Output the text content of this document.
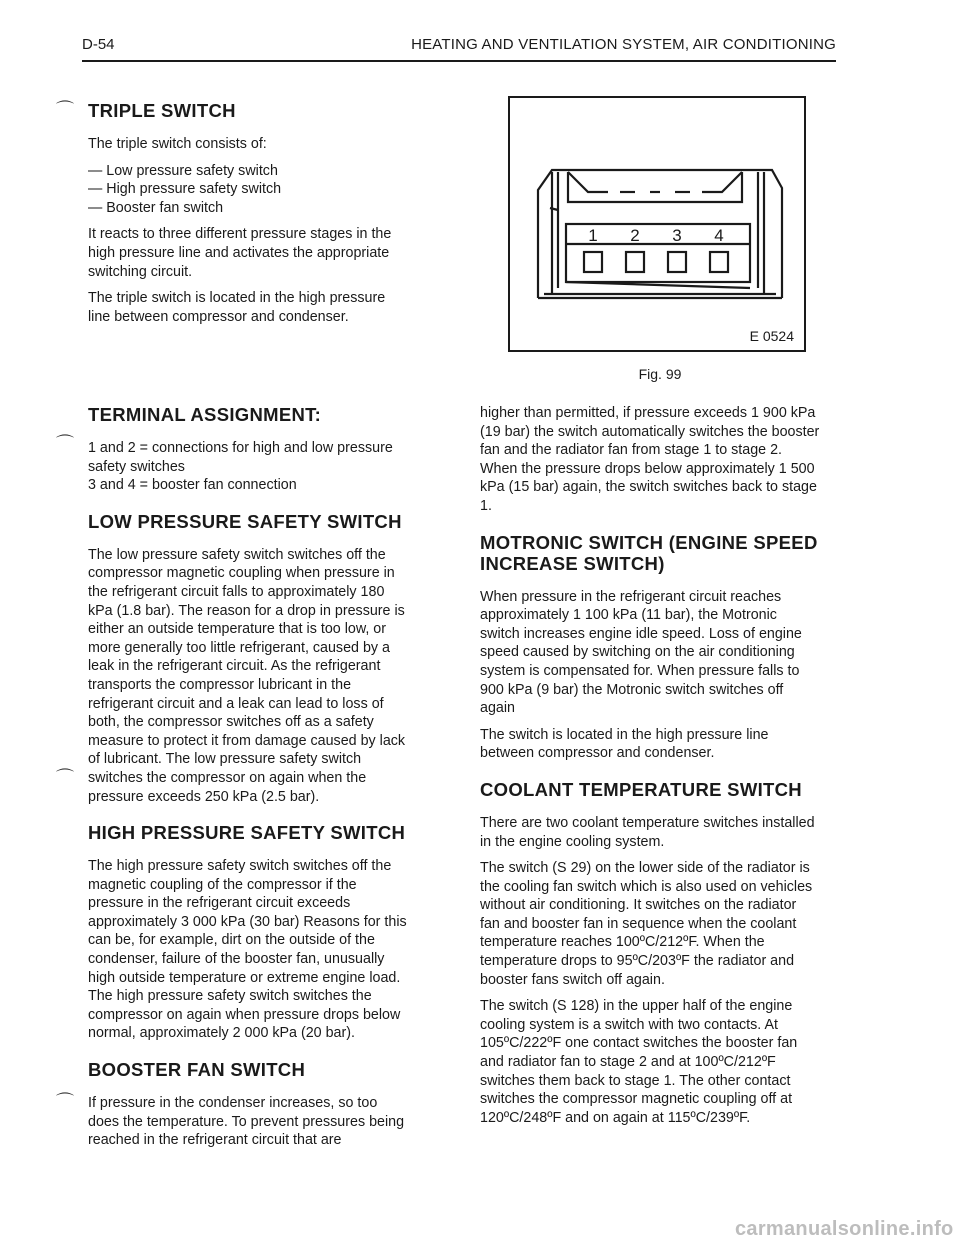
D-54	HEATING AND VENTILATION SYSTEM, AIR CONDITIONING
⌒
⌒
⌒
⌒
TRIPLE SWITCH

The triple switch consists of:

— Low pressure safety switch

— High pressure safety switch

— Booster fan switch

It reacts to three different pressure stages in the high pressure line and activates the appropriate switching circuit.

The triple switch is located in the high pressure line between compressor and condenser.

TERMINAL ASSIGNMENT:

1 and 2 = connections for high and low pressure safety switches

3 and 4 = booster fan connection

LOW PRESSURE SAFETY SWITCH

The low pressure safety switch switches off the compressor magnetic coupling when pressure in the refrigerant circuit falls to approximately 180 kPa (1.8 bar). The reason for a drop in pressure is either an outside temperature that is too low, or more generally too little refrigerant, caused by a leak in the refrigerant circuit. As the refrigerant transports the compressor lubricant in the refrigerant circuit and a leak can lead to loss of both, the compressor switches off as a safety measure to protect it from damage caused by lack of lubricant. The low pressure safety switch switches the compressor on again when the pressure exceeds 250 kPa (2.5 bar).

HIGH PRESSURE SAFETY SWITCH

The high pressure safety switch switches off the magnetic coupling of the compressor if the pressure in the refrigerant circuit exceeds approximately 3 000 kPa (30 bar) Reasons for this can be, for example, dirt on the outside of the condenser, failure of the booster fan, unusually high outside temperature or extreme engine load. The high pressure safety switch switches the compressor on again when pressure drops below normal, approximately 2 000 kPa (20 bar).

BOOSTER FAN SWITCH

If pressure in the condenser increases, so too does the temperature. To prevent pressures being reached in the refrigerant circuit that are

1 2 3 4
E 0524
Fig. 99

higher than permitted, if pressure exceeds 1 900 kPa (19 bar) the switch automatically switches the booster fan and the radiator fan from stage 1 to stage 2. When the pressure drops below approximately 1 500 kPa (15 bar) again, the switch switches back to stage 1.

MOTRONIC SWITCH (ENGINE SPEED INCREASE SWITCH)

When pressure in the refrigerant circuit reaches approximately 1 100 kPa (11 bar), the Motronic switch increases engine idle speed. Loss of engine speed caused by switching on the air conditioning system is compensated for. When pressure falls to 900 kPa (9 bar) the Motronic switch switches off again

The switch is located in the high pressure line between compressor and condenser.

COOLANT TEMPERATURE SWITCH

There are two coolant temperature switches installed in the engine cooling system.

The switch (S 29) on the lower side of the radiator is the cooling fan switch which is also used on vehicles without air conditioning. It switches on the radiator fan and booster fan in sequence when the coolant temperature reaches 100ºC/212ºF. When the temperature drops to 95ºC/203ºF the radiator and booster fans switch off again.

The switch (S 128) in the upper half of the engine cooling system is a switch with two contacts. At 105ºC/222ºF one contact switches the booster fan and radiator fan to stage 2 and at 100ºC/212ºF switches them back to stage 1. The other contact switches the compressor magnetic coupling off at 120ºC/248ºF and on again at 115ºC/239ºF.

carmanualsonline.info
